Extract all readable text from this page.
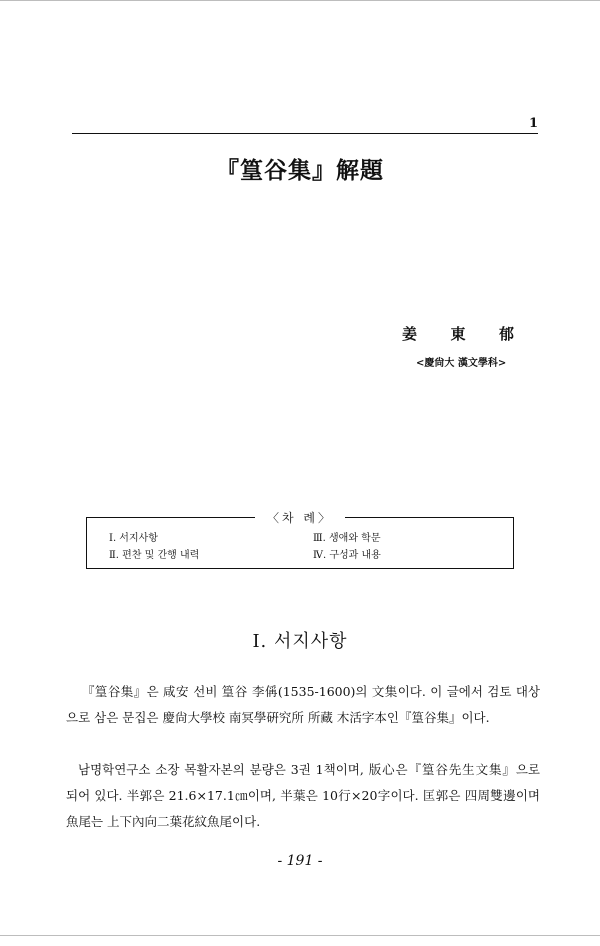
1
『篁谷集』解題
姜 東 郁
<慶尙大 漢文學科>
〈차 례〉
Ⅰ. 서지사항
Ⅱ. 편찬 및 간행 내력
Ⅲ. 생애와 학문
Ⅳ. 구성과 내용
Ⅰ. 서지사항

『篁谷集』은 咸安 선비 篁谷 李偁(1535-1600)의 文集이다. 이 글에서 검토 대상으로 삼은 문집은 慶尙大學校 南冥學硏究所 所藏 木活字本인『篁谷集』이다.

남명학연구소 소장 목활자본의 분량은 3권 1책이며, 版心은『篁谷先生文集』으로 되어 있다. 半郭은 21.6×17.1㎝이며, 半葉은 10行×20字이다. 匡郭은 四周雙邊이며 魚尾는 上下內向二葉花紋魚尾이다.

- 191 -
